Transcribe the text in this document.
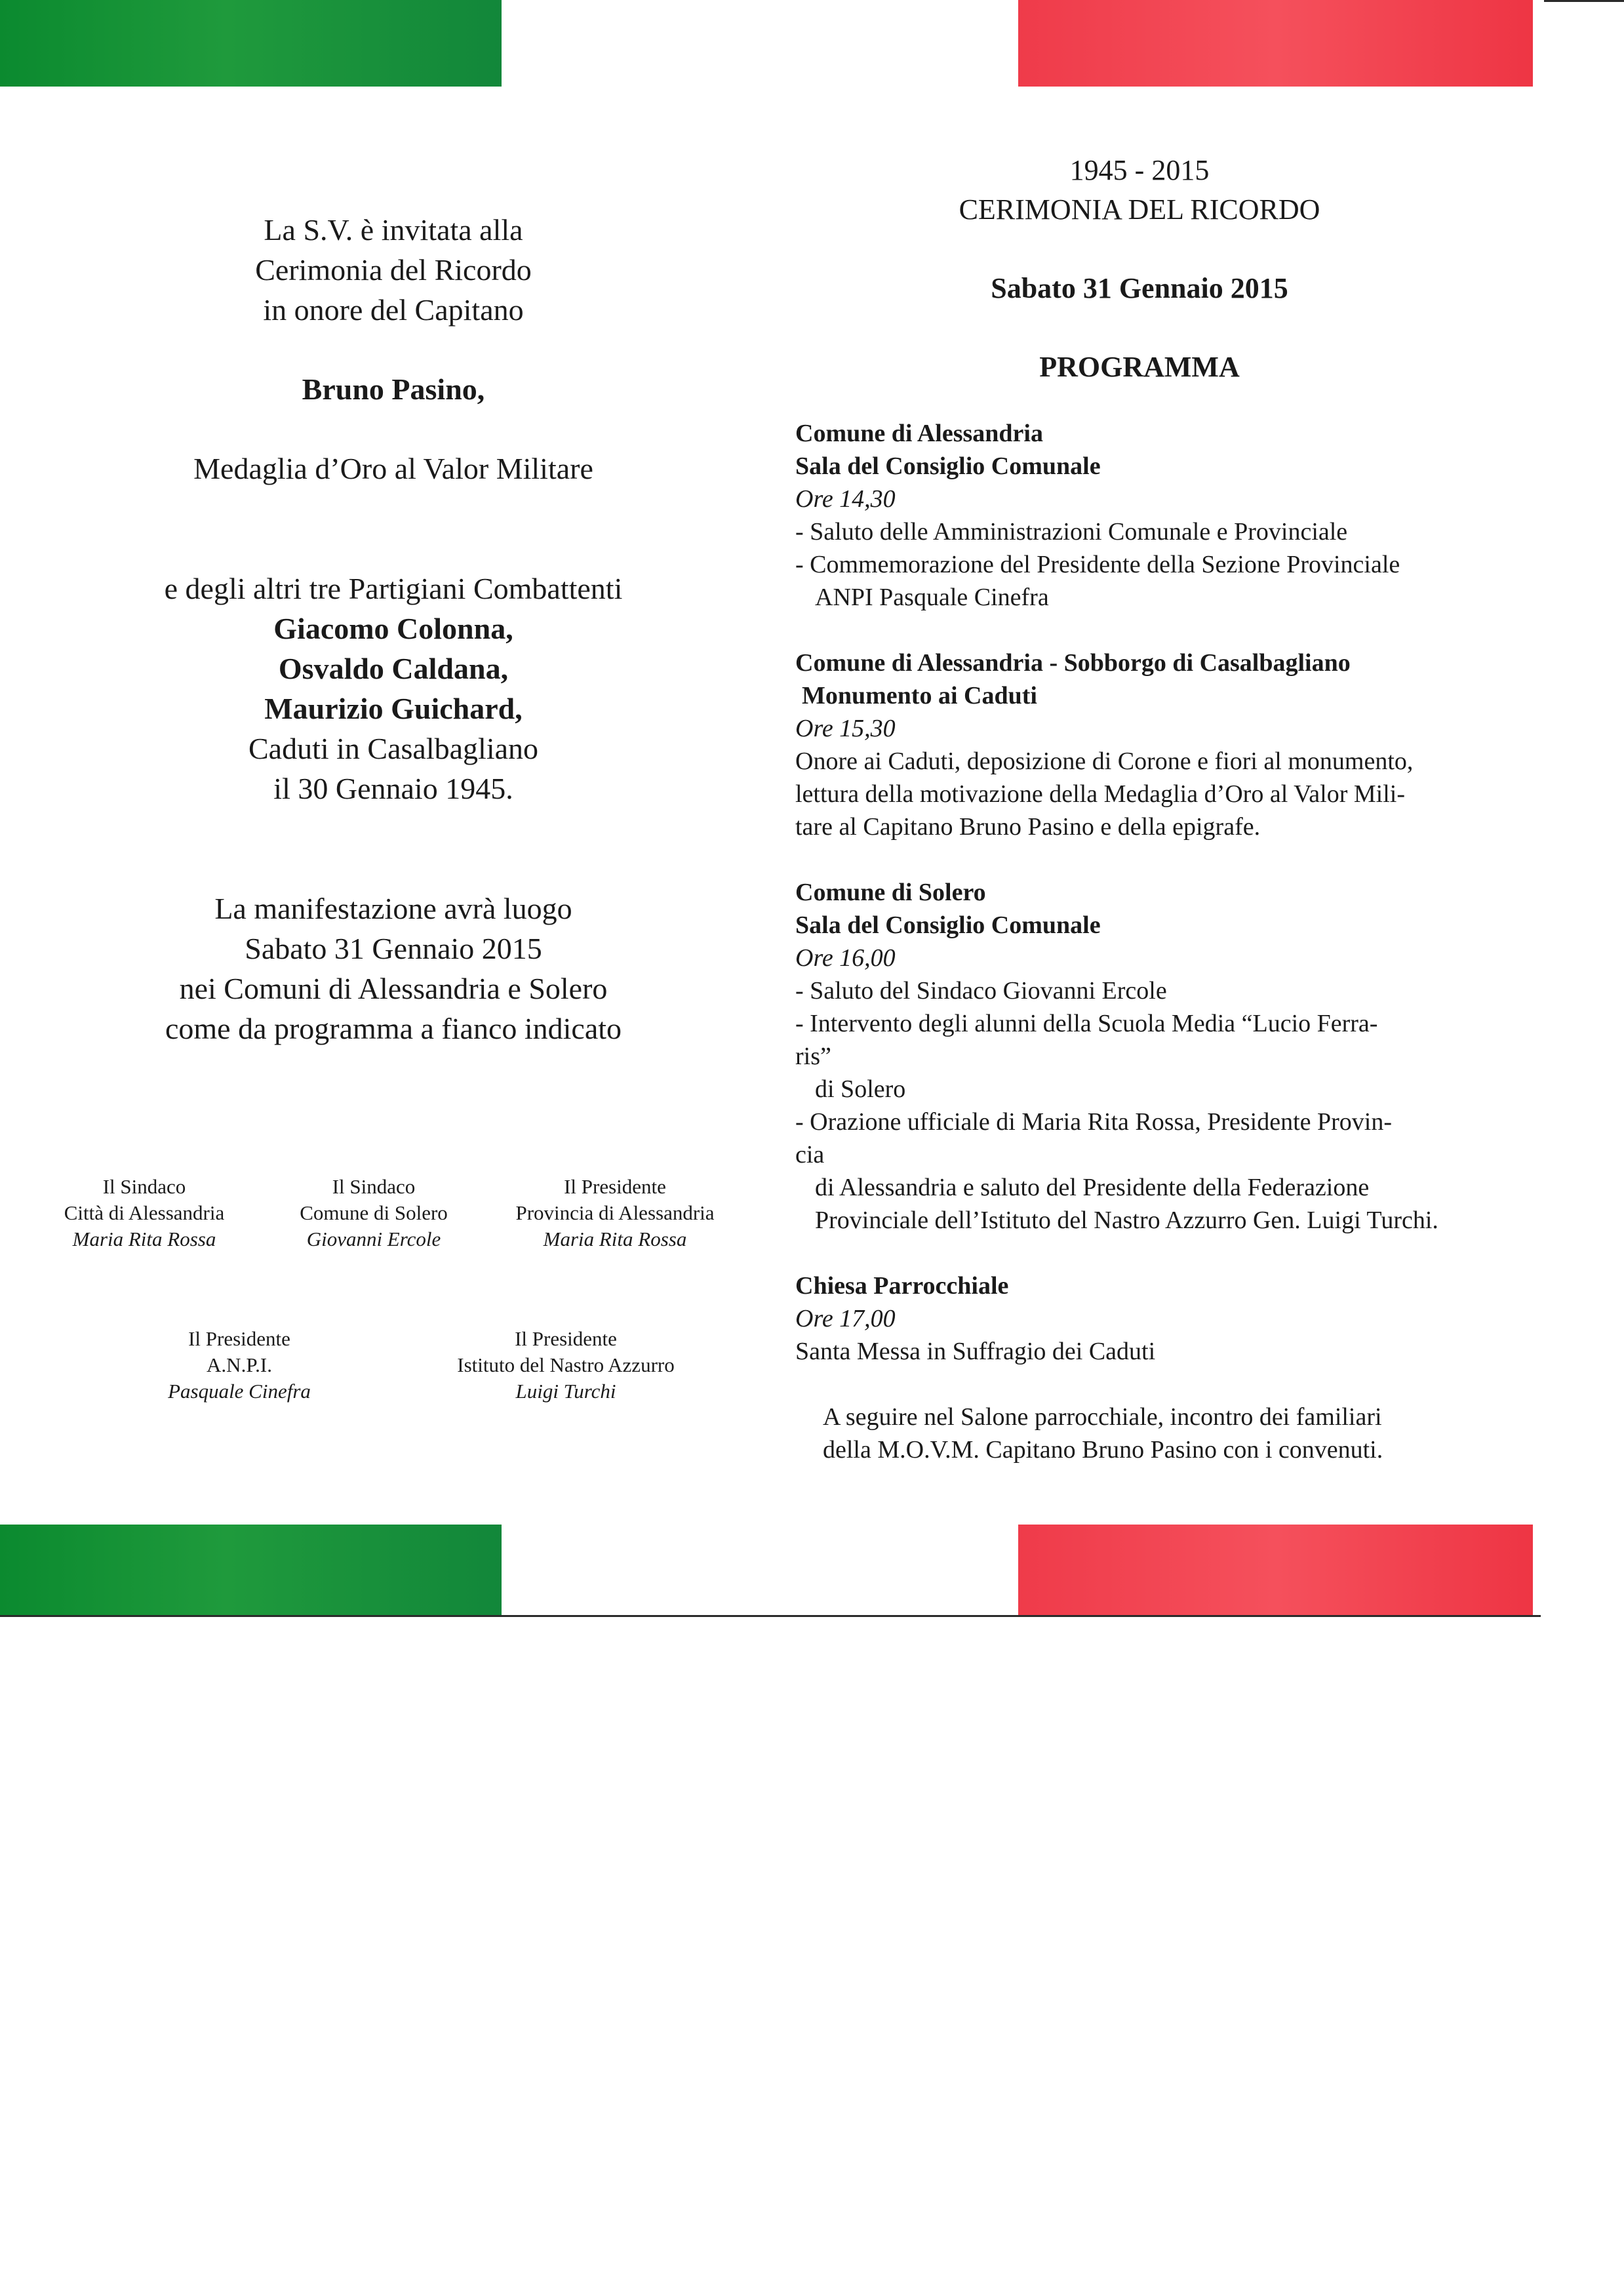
La S.V. è invitata alla

Cerimonia del Ricordo

in onore del Capitano

Bruno Pasino,

Medaglia d’Oro al Valor Militare

e degli altri tre Partigiani Combattenti

Giacomo Colonna,

Osvaldo Caldana,

Maurizio Guichard,

Caduti in Casalbagliano

il 30 Gennaio 1945.

La manifestazione avrà luogo

Sabato 31 Gennaio 2015

nei Comuni di Alessandria e Solero

come da programma a fianco indicato

Il Sindaco
Città di Alessandria
Maria Rita Rossa
Il Sindaco
Comune di Solero
Giovanni Ercole
Il Presidente
Provincia di Alessandria
Maria Rita Rossa
Il Presidente
A.N.P.I.
Pasquale Cinefra
Il Presidente
Istituto del Nastro Azzurro
Luigi Turchi

1945 - 2015

CERIMONIA DEL RICORDO

Sabato 31 Gennaio 2015

PROGRAMMA

Comune di Alessandria

Sala del Consiglio Comunale

Ore 14,30

- Saluto delle Amministrazioni Comunale e Provinciale

- Commemorazione del Presidente della Sezione Provinciale

ANPI Pasquale Cinefra

Comune di Alessandria - Sobborgo di Casalbagliano

Monumento ai Caduti

Ore 15,30

Onore ai Caduti, deposizione di Corone e fiori al monumento,

lettura della motivazione della Medaglia d’Oro al Valor Mili-

tare al Capitano Bruno Pasino e della epigrafe.

Comune di Solero

Sala del Consiglio Comunale

Ore 16,00

- Saluto del Sindaco Giovanni Ercole

- Intervento degli alunni della Scuola Media “Lucio Ferra-

ris”

di Solero

- Orazione ufficiale di Maria Rita Rossa, Presidente Provin-

cia

di Alessandria e saluto del Presidente della Federazione

Provinciale dell’Istituto del Nastro Azzurro Gen. Luigi Turchi.

Chiesa Parrocchiale

Ore 17,00

Santa Messa in Suffragio dei Caduti

A seguire nel Salone parrocchiale, incontro dei familiari

della M.O.V.M. Capitano Bruno Pasino con i convenuti.
